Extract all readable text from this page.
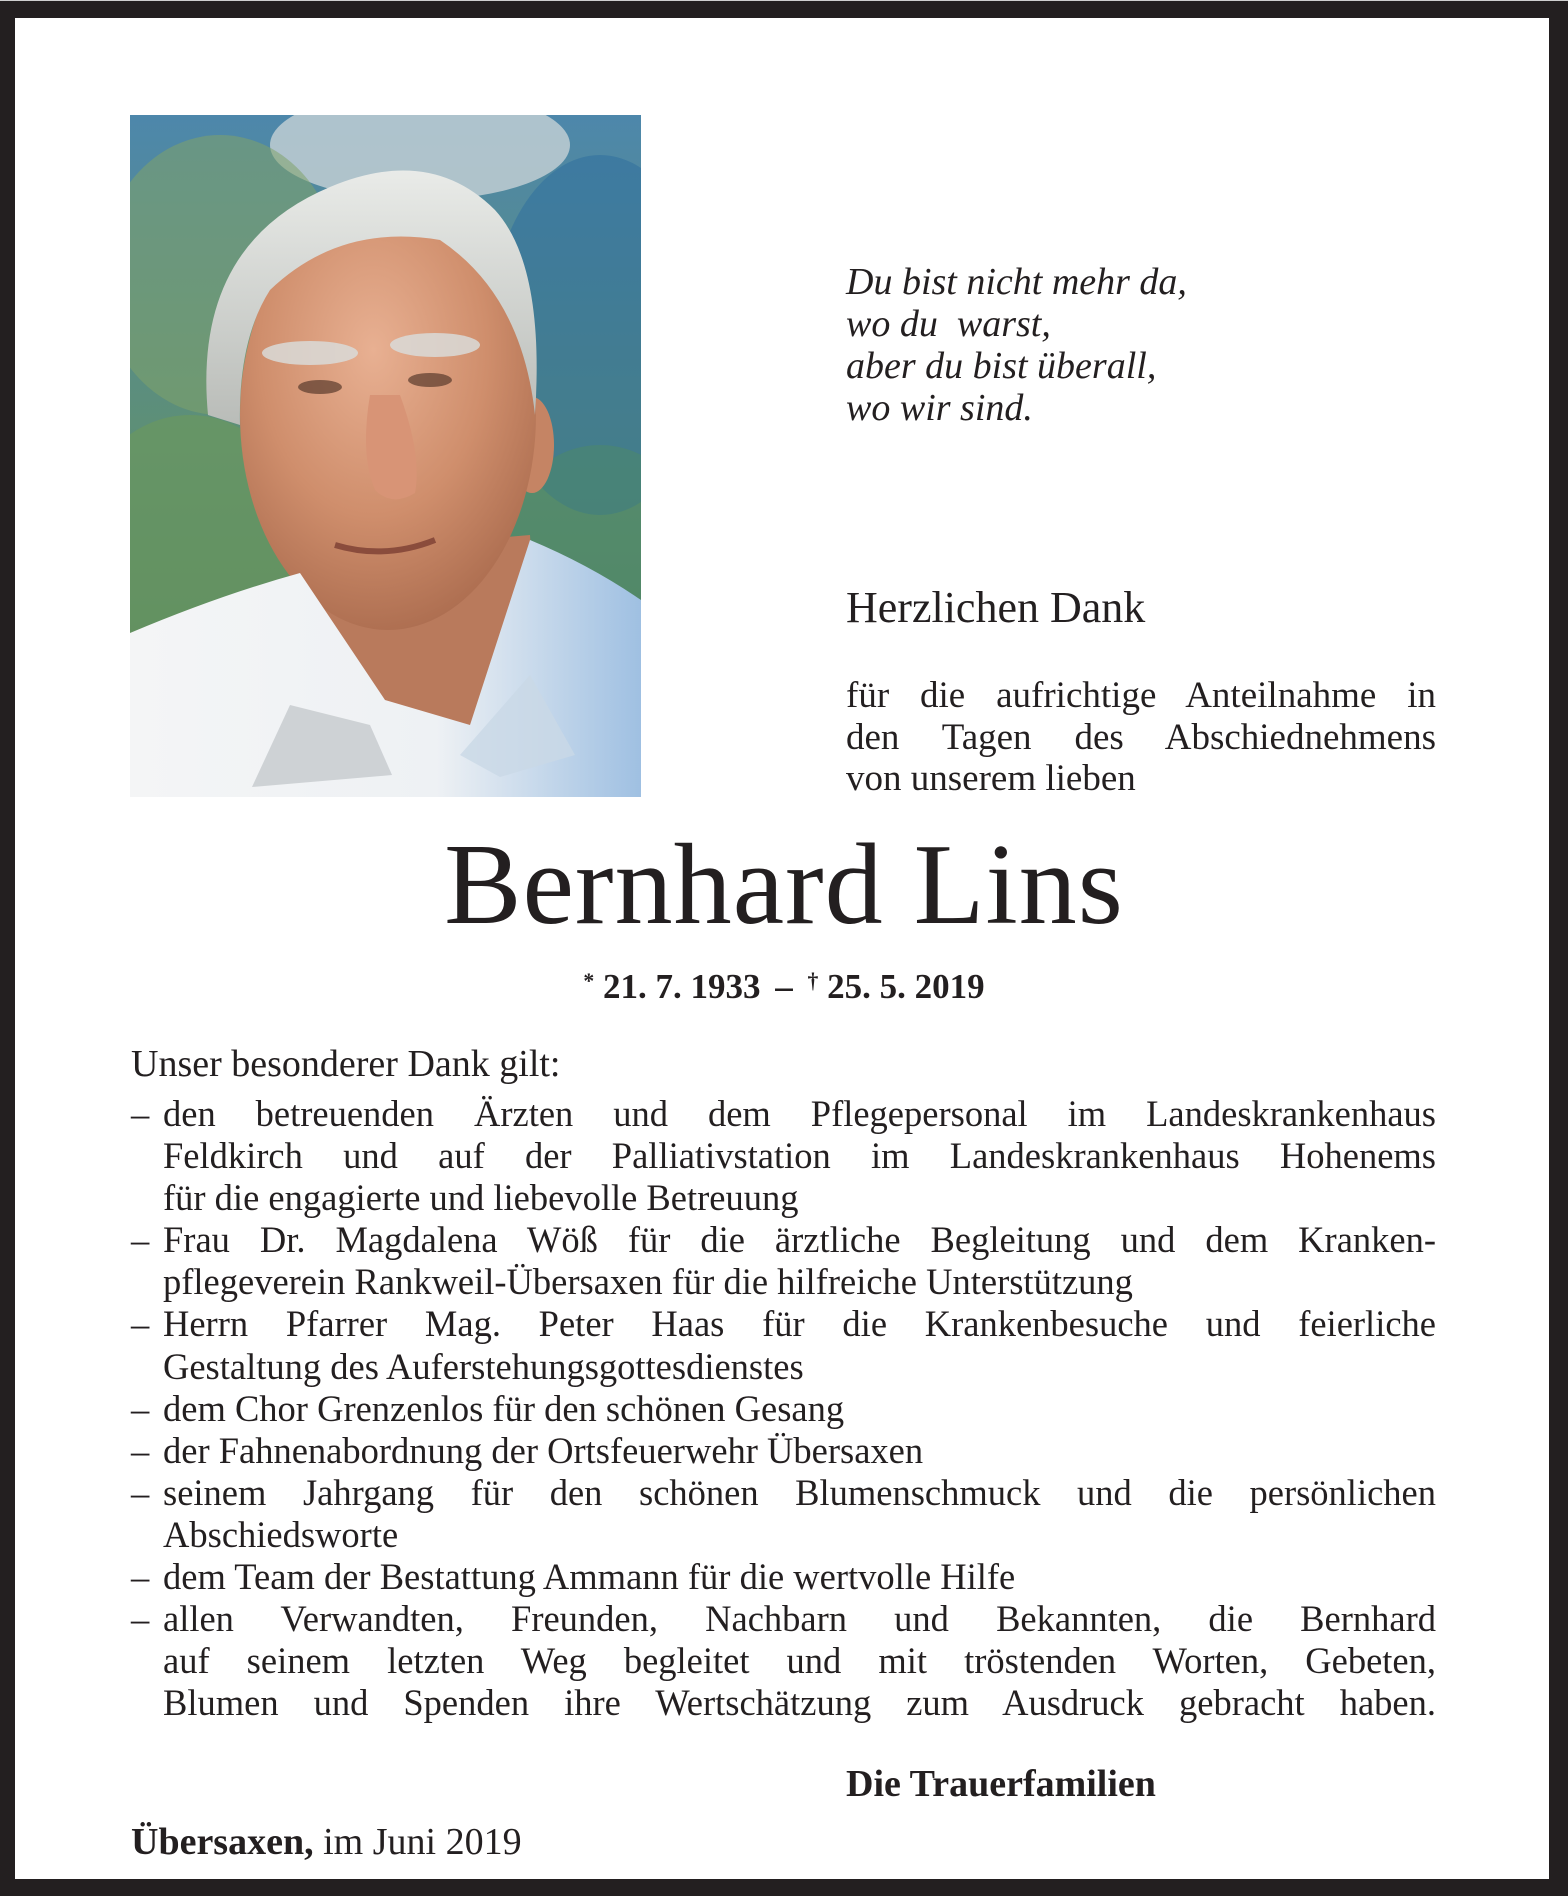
Du bist nicht mehr da,
wo du  warst,
aber du bist überall,
wo wir sind.
Herzlichen Dank
für die aufrichtige Anteilnahme in
den Tagen des Abschiednehmens
von unserem lieben
Bernhard Lins
* 21. 7. 1933 – † 25. 5. 2019
Unser besonderer Dank gilt:
– den betreuenden Ärzten und dem Pflegepersonal im Landeskrankenhaus
Feldkirch und auf der Palliativstation im Landeskrankenhaus Hohenems
für die engagierte und liebevolle Betreuung
– Frau Dr. Magdalena Wöß für die ärztliche Begleitung und dem Kranken-
pflegeverein Rankweil-Übersaxen für die hilfreiche Unterstützung
– Herrn Pfarrer Mag. Peter Haas für die Krankenbesuche und feierliche
Gestaltung des Auferstehungsgottesdienstes
– dem Chor Grenzenlos für den schönen Gesang
– der Fahnenabordnung der Ortsfeuerwehr Übersaxen
– seinem Jahrgang für den schönen Blumenschmuck und die persönlichen
Abschiedsworte
– dem Team der Bestattung Ammann für die wertvolle Hilfe
– allen Verwandten, Freunden, Nachbarn und Bekannten, die Bernhard
auf seinem letzten Weg begleitet und mit tröstenden Worten, Gebeten,
Blumen und Spenden ihre Wertschätzung zum Ausdruck gebracht haben.
Die Trauerfamilien
Übersaxen, im Juni 2019
